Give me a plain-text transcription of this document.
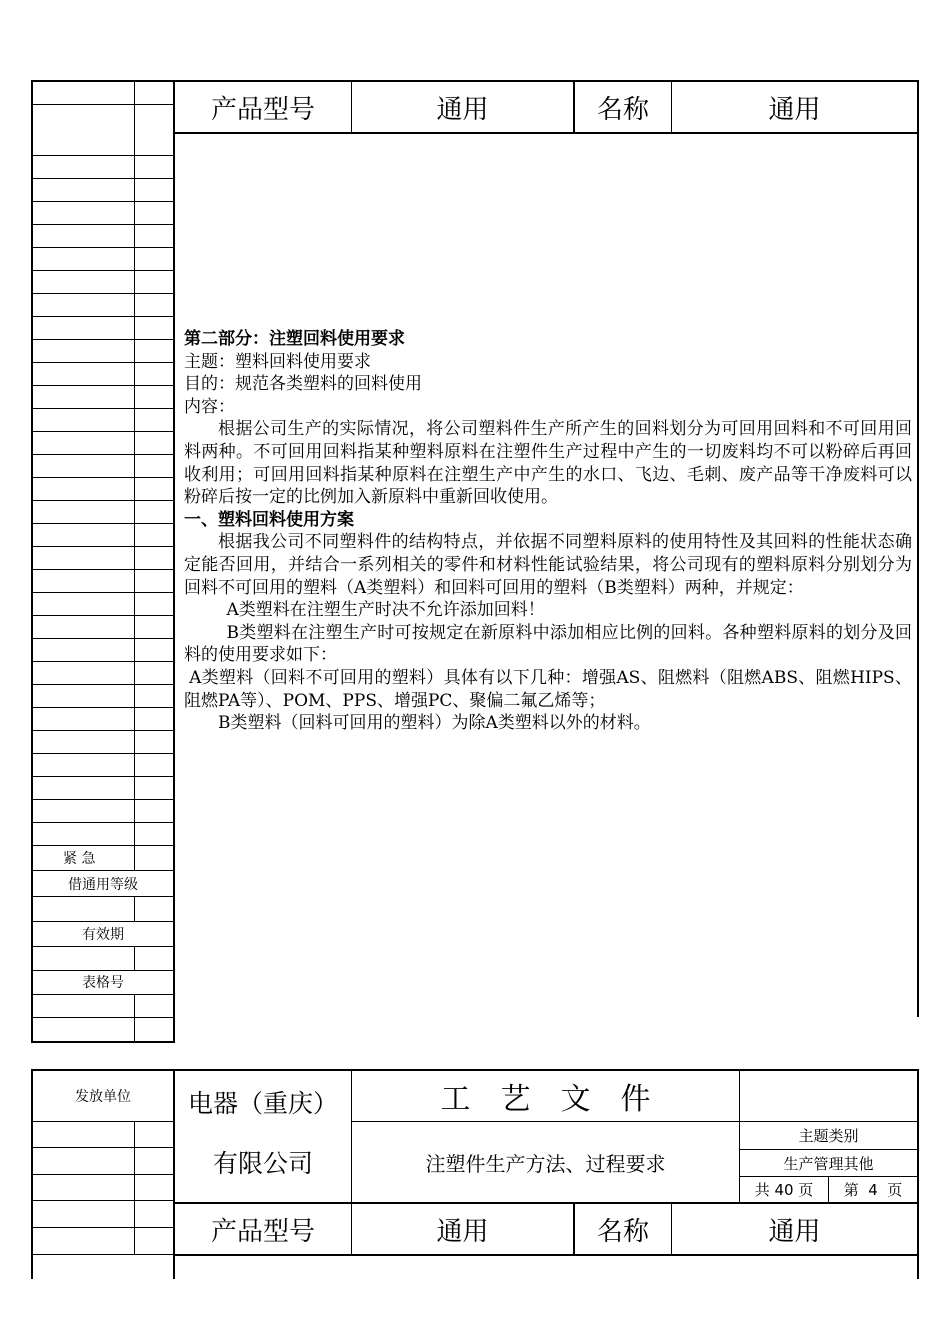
紧 急
借通用等级
有效期
表格号
产品型号	通用	名称	通用

第二部分：注塑回料使用要求

主题：塑料回料使用要求

目的：规范各类塑料的回料使用

内容：

根据公司生产的实际情况，将公司塑料件生产所产生的回料划分为可回用回料和不可回用回料两种。不可回用回料指某种塑料原料在注塑件生产过程中产生的一切废料均不可以粉碎后再回收利用；可回用回料指某种原料在注塑生产中产生的水口、飞边、毛刺、废产品等干净废料可以粉碎后按一定的比例加入新原料中重新回收使用。

一、塑料回料使用方案

根据我公司不同塑料件的结构特点，并依据不同塑料原料的使用特性及其回料的性能状态确定能否回用，并结合一系列相关的零件和材料性能试验结果，将公司现有的塑料原料分别划分为回料不可回用的塑料（A类塑料）和回料可回用的塑料（B类塑料）两种，并规定：

A类塑料在注塑生产时决不允许添加回料！

B类塑料在注塑生产时可按规定在新原料中添加相应比例的回料。各种塑料原料的划分及回料的使用要求如下：

A类塑料（回料不可回用的塑料）具体有以下几种：增强AS、阻燃料（阻燃ABS、阻燃HIPS、阻燃PA等）、POM、PPS、增强PC、聚偏二氟乙烯等；

B类塑料（回料可回用的塑料）为除A类塑料以外的材料。

发放单位	电器（重庆）
有限公司
工　艺　文　件
注塑件生产方法、过程要求
主题类别
生产管理其他
共 40 页	第  4  页
产品型号	通用	名称	通用
